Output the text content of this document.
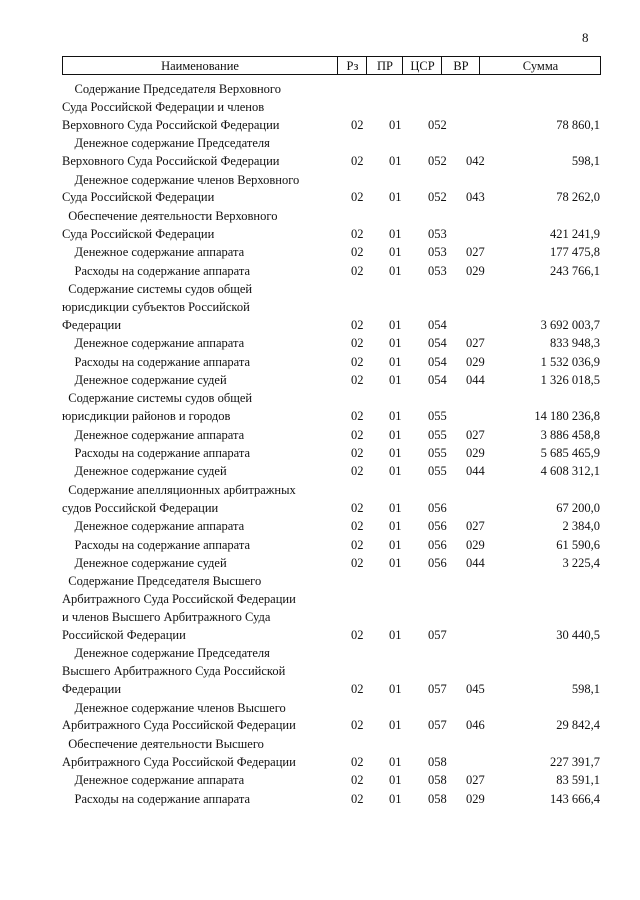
8
Наименование	Рз	ПР	ЦСР	ВР	Сумма
Содержание Председателя Верховного
Суда Российской Федерации и членов
Верховного Суда Российской Федерации	02 01 052	78 860,1
Денежное содержание Председателя
Верховного Суда Российской Федерации	02 01 052 042	598,1
Денежное содержание членов Верховного
Суда Российской Федерации	02 01 052 043	78 262,0
Обеспечение деятельности Верховного
Суда Российской Федерации	02 01 053	421 241,9
Денежное содержание аппарата	02 01 053 027	177 475,8
Расходы на содержание аппарата	02 01 053 029	243 766,1
Содержание системы судов общей
юрисдикции субъектов Российской
Федерации	02 01 054	3 692 003,7
Денежное содержание аппарата	02 01 054 027	833 948,3
Расходы на содержание аппарата	02 01 054 029	1 532 036,9
Денежное содержание судей	02 01 054 044	1 326 018,5
Содержание системы судов общей
юрисдикции районов и городов	02 01 055	14 180 236,8
Денежное содержание аппарата	02 01 055 027	3 886 458,8
Расходы на содержание аппарата	02 01 055 029	5 685 465,9
Денежное содержание судей	02 01 055 044	4 608 312,1
Содержание апелляционных арбитражных
судов Российской Федерации	02 01 056	67 200,0
Денежное содержание аппарата	02 01 056 027	2 384,0
Расходы на содержание аппарата	02 01 056 029	61 590,6
Денежное содержание судей	02 01 056 044	3 225,4
Содержание Председателя Высшего
Арбитражного Суда Российской Федерации
и членов Высшего Арбитражного Суда
Российской Федерации	02 01 057	30 440,5
Денежное содержание Председателя
Высшего Арбитражного Суда Российской
Федерации	02 01 057 045	598,1
Денежное содержание членов Высшего
Арбитражного Суда Российской Федерации	02 01 057 046	29 842,4
Обеспечение деятельности Высшего
Арбитражного Суда Российской Федерации	02 01 058	227 391,7
Денежное содержание аппарата	02 01 058 027	83 591,1
Расходы на содержание аппарата	02 01 058 029	143 666,4
